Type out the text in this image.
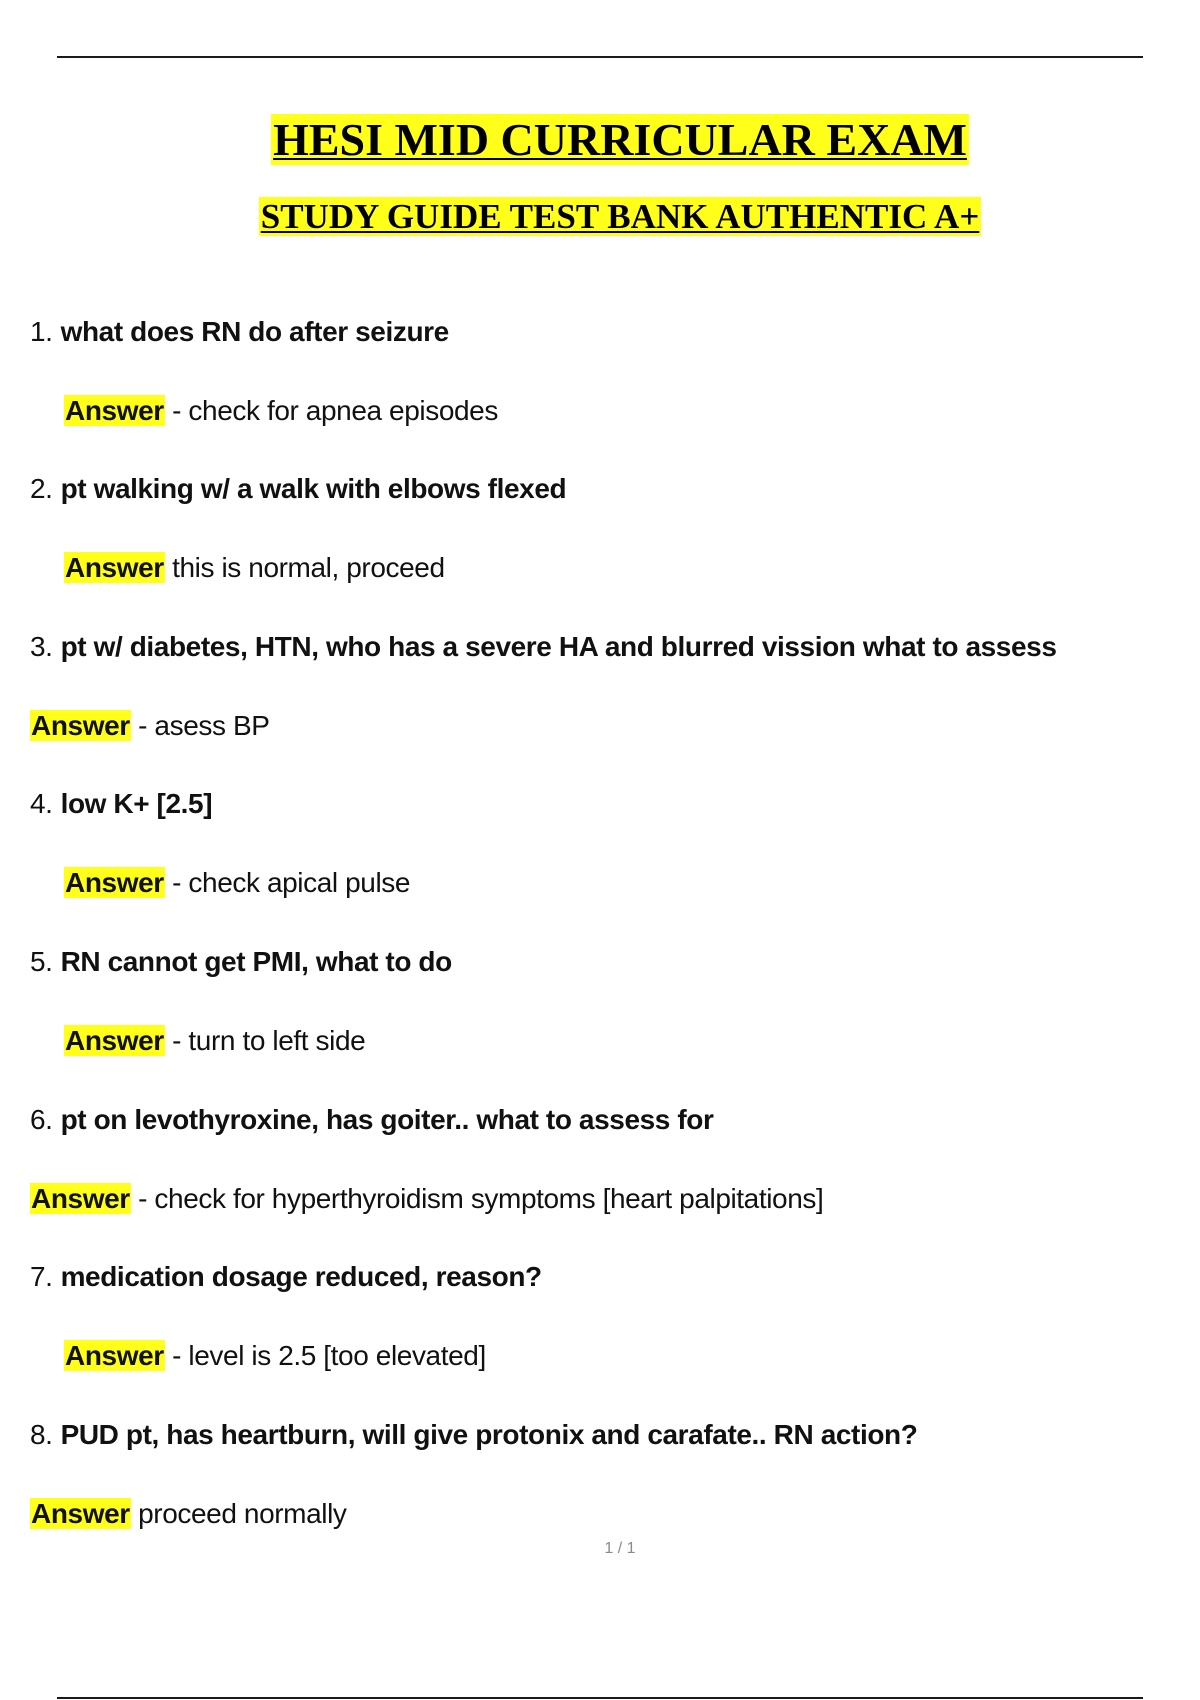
HESI MID CURRICULAR EXAM
STUDY GUIDE TEST BANK AUTHENTIC A+
1. what does RN do after seizure
Answer - check for apnea episodes
2. pt walking w/ a walk with elbows flexed
Answer this is normal, proceed
3. pt w/ diabetes, HTN, who has a severe HA and blurred vission what to assess
Answer - asess BP
4. low K+ [2.5]
Answer - check apical pulse
5. RN cannot get PMI, what to do
Answer - turn to left side
6. pt on levothyroxine, has goiter.. what to assess for
Answer - check for hyperthyroidism symptoms [heart palpitations]
7. medication dosage reduced, reason?
Answer - level is 2.5 [too elevated]
8. PUD pt, has heartburn, will give protonix and carafate.. RN action?
Answer proceed normally
1 / 1
